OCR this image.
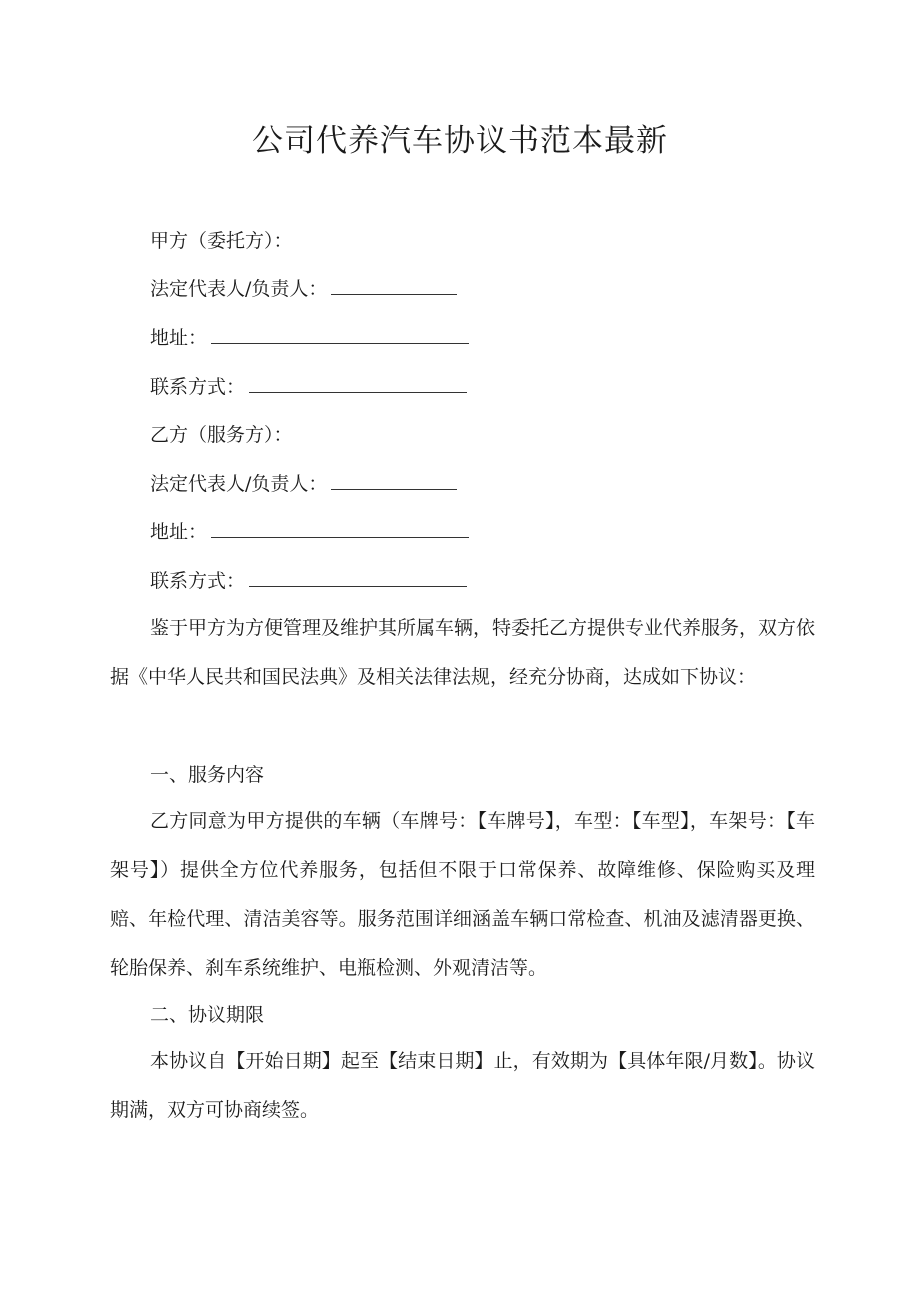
公司代养汽车协议书范本最新
甲方（委托方）：
法定代表人/负责人：
地址：
联系方式：
乙方（服务方）：
法定代表人/负责人：
地址：
联系方式：

鉴于甲方为方便管理及维护其所属车辆，特委托乙方提供专业代养服务，双方依据《中华人民共和国民法典》及相关法律法规，经充分协商，达成如下协议：

一、服务内容

乙方同意为甲方提供的车辆（车牌号：【车牌号】，车型：【车型】，车架号：【车架号】）提供全方位代养服务，包括但不限于口常保养、故障维修、保险购买及理赔、年检代理、清洁美容等。服务范围详细涵盖车辆口常检查、机油及滤清器更换、轮胎保养、刹车系统维护、电瓶检测、外观清洁等。

二、协议期限

本协议自【开始日期】起至【结束日期】止，有效期为【具体年限/月数】。协议期满，双方可协商续签。
